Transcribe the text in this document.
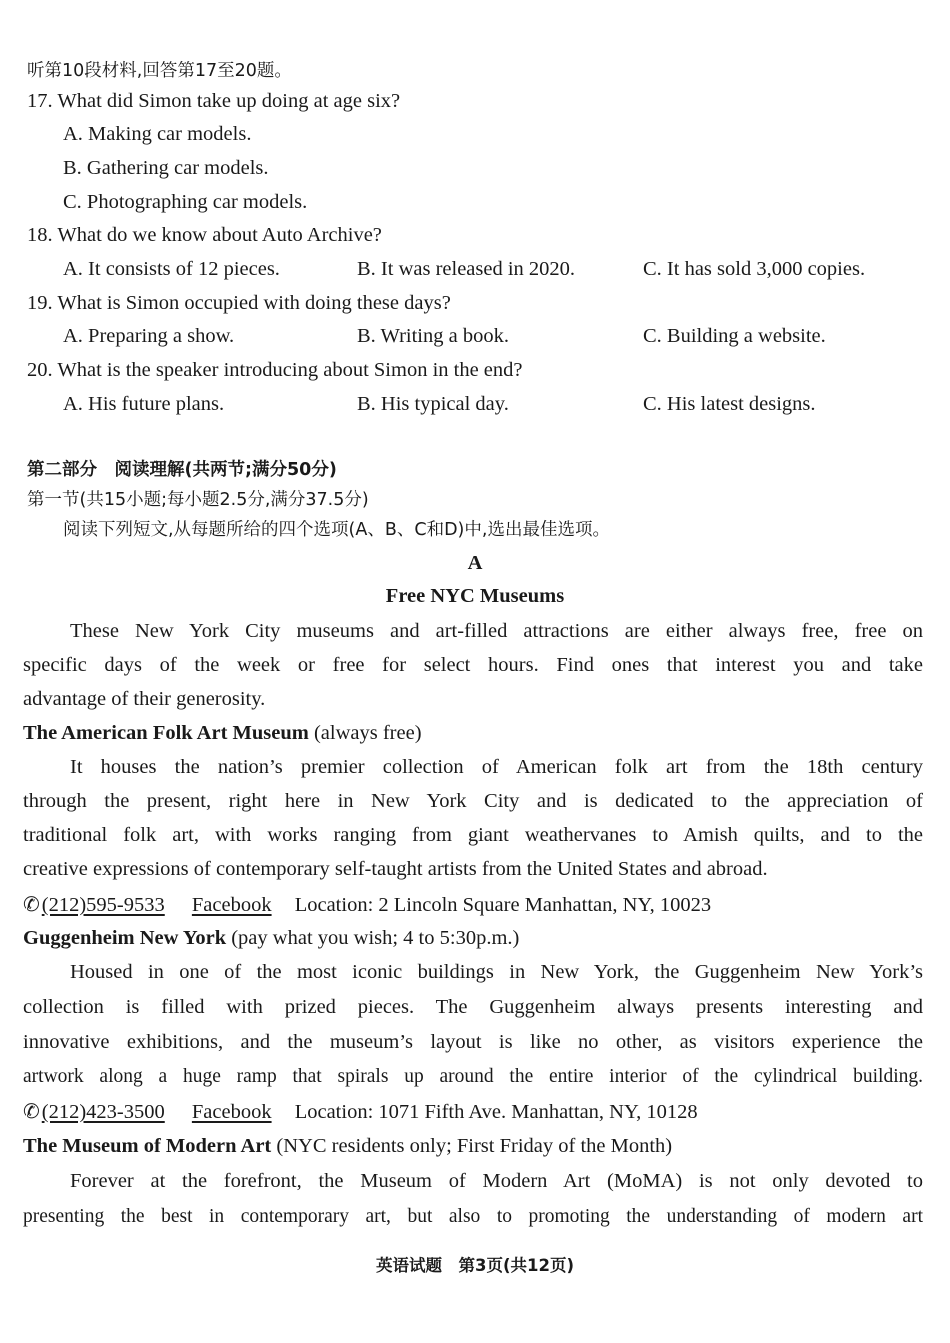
听第10段材料,回答第17至20题。
17. What did Simon take up doing at age six?
A. Making car models.
B. Gathering car models.
C. Photographing car models.
18. What do we know about Auto Archive?
A. It consists of 12 pieces.	B. It was released in 2020.	C. It has sold 3,000 copies.
19. What is Simon occupied with doing these days?
A. Preparing a show.	B. Writing a book.	C. Building a website.
20. What is the speaker introducing about Simon in the end?
A. His future plans.	B. His typical day.	C. His latest designs.
第二部分　阅读理解(共两节;满分50分)
第一节(共15小题;每小题2.5分,满分37.5分)
阅读下列短文,从每题所给的四个选项(A、B、C和D)中,选出最佳选项。
A
Free NYC Museums
These New York City museums and art-filled attractions are either always free, free on
specific days of the week or free for select hours. Find ones that interest you and take
advantage of their generosity.
The American Folk Art Museum (always free)
It houses the nation’s premier collection of American folk art from the 18th century
through the present, right here in New York City and is dedicated to the appreciation of
traditional folk art, with works ranging from giant weathervanes to Amish quilts, and to the
creative expressions of contemporary self-taught artists from the United States and abroad.
✆(212)595-9533 Facebook Location: 2 Lincoln Square Manhattan, NY, 10023
Guggenheim New York (pay what you wish; 4 to 5:30p.m.)
Housed in one of the most iconic buildings in New York, the Guggenheim New York’s
collection is filled with prized pieces. The Guggenheim always presents interesting and
innovative exhibitions, and the museum’s layout is like no other, as visitors experience the
artwork along a huge ramp that spirals up around the entire interior of the cylindrical building.
✆(212)423-3500 Facebook Location: 1071 Fifth Ave. Manhattan, NY, 10128
The Museum of Modern Art (NYC residents only; First Friday of the Month)
Forever at the forefront, the Museum of Modern Art (MoMA) is not only devoted to
presenting the best in contemporary art, but also to promoting the understanding of modern art
英语试题　第3页(共12页)
